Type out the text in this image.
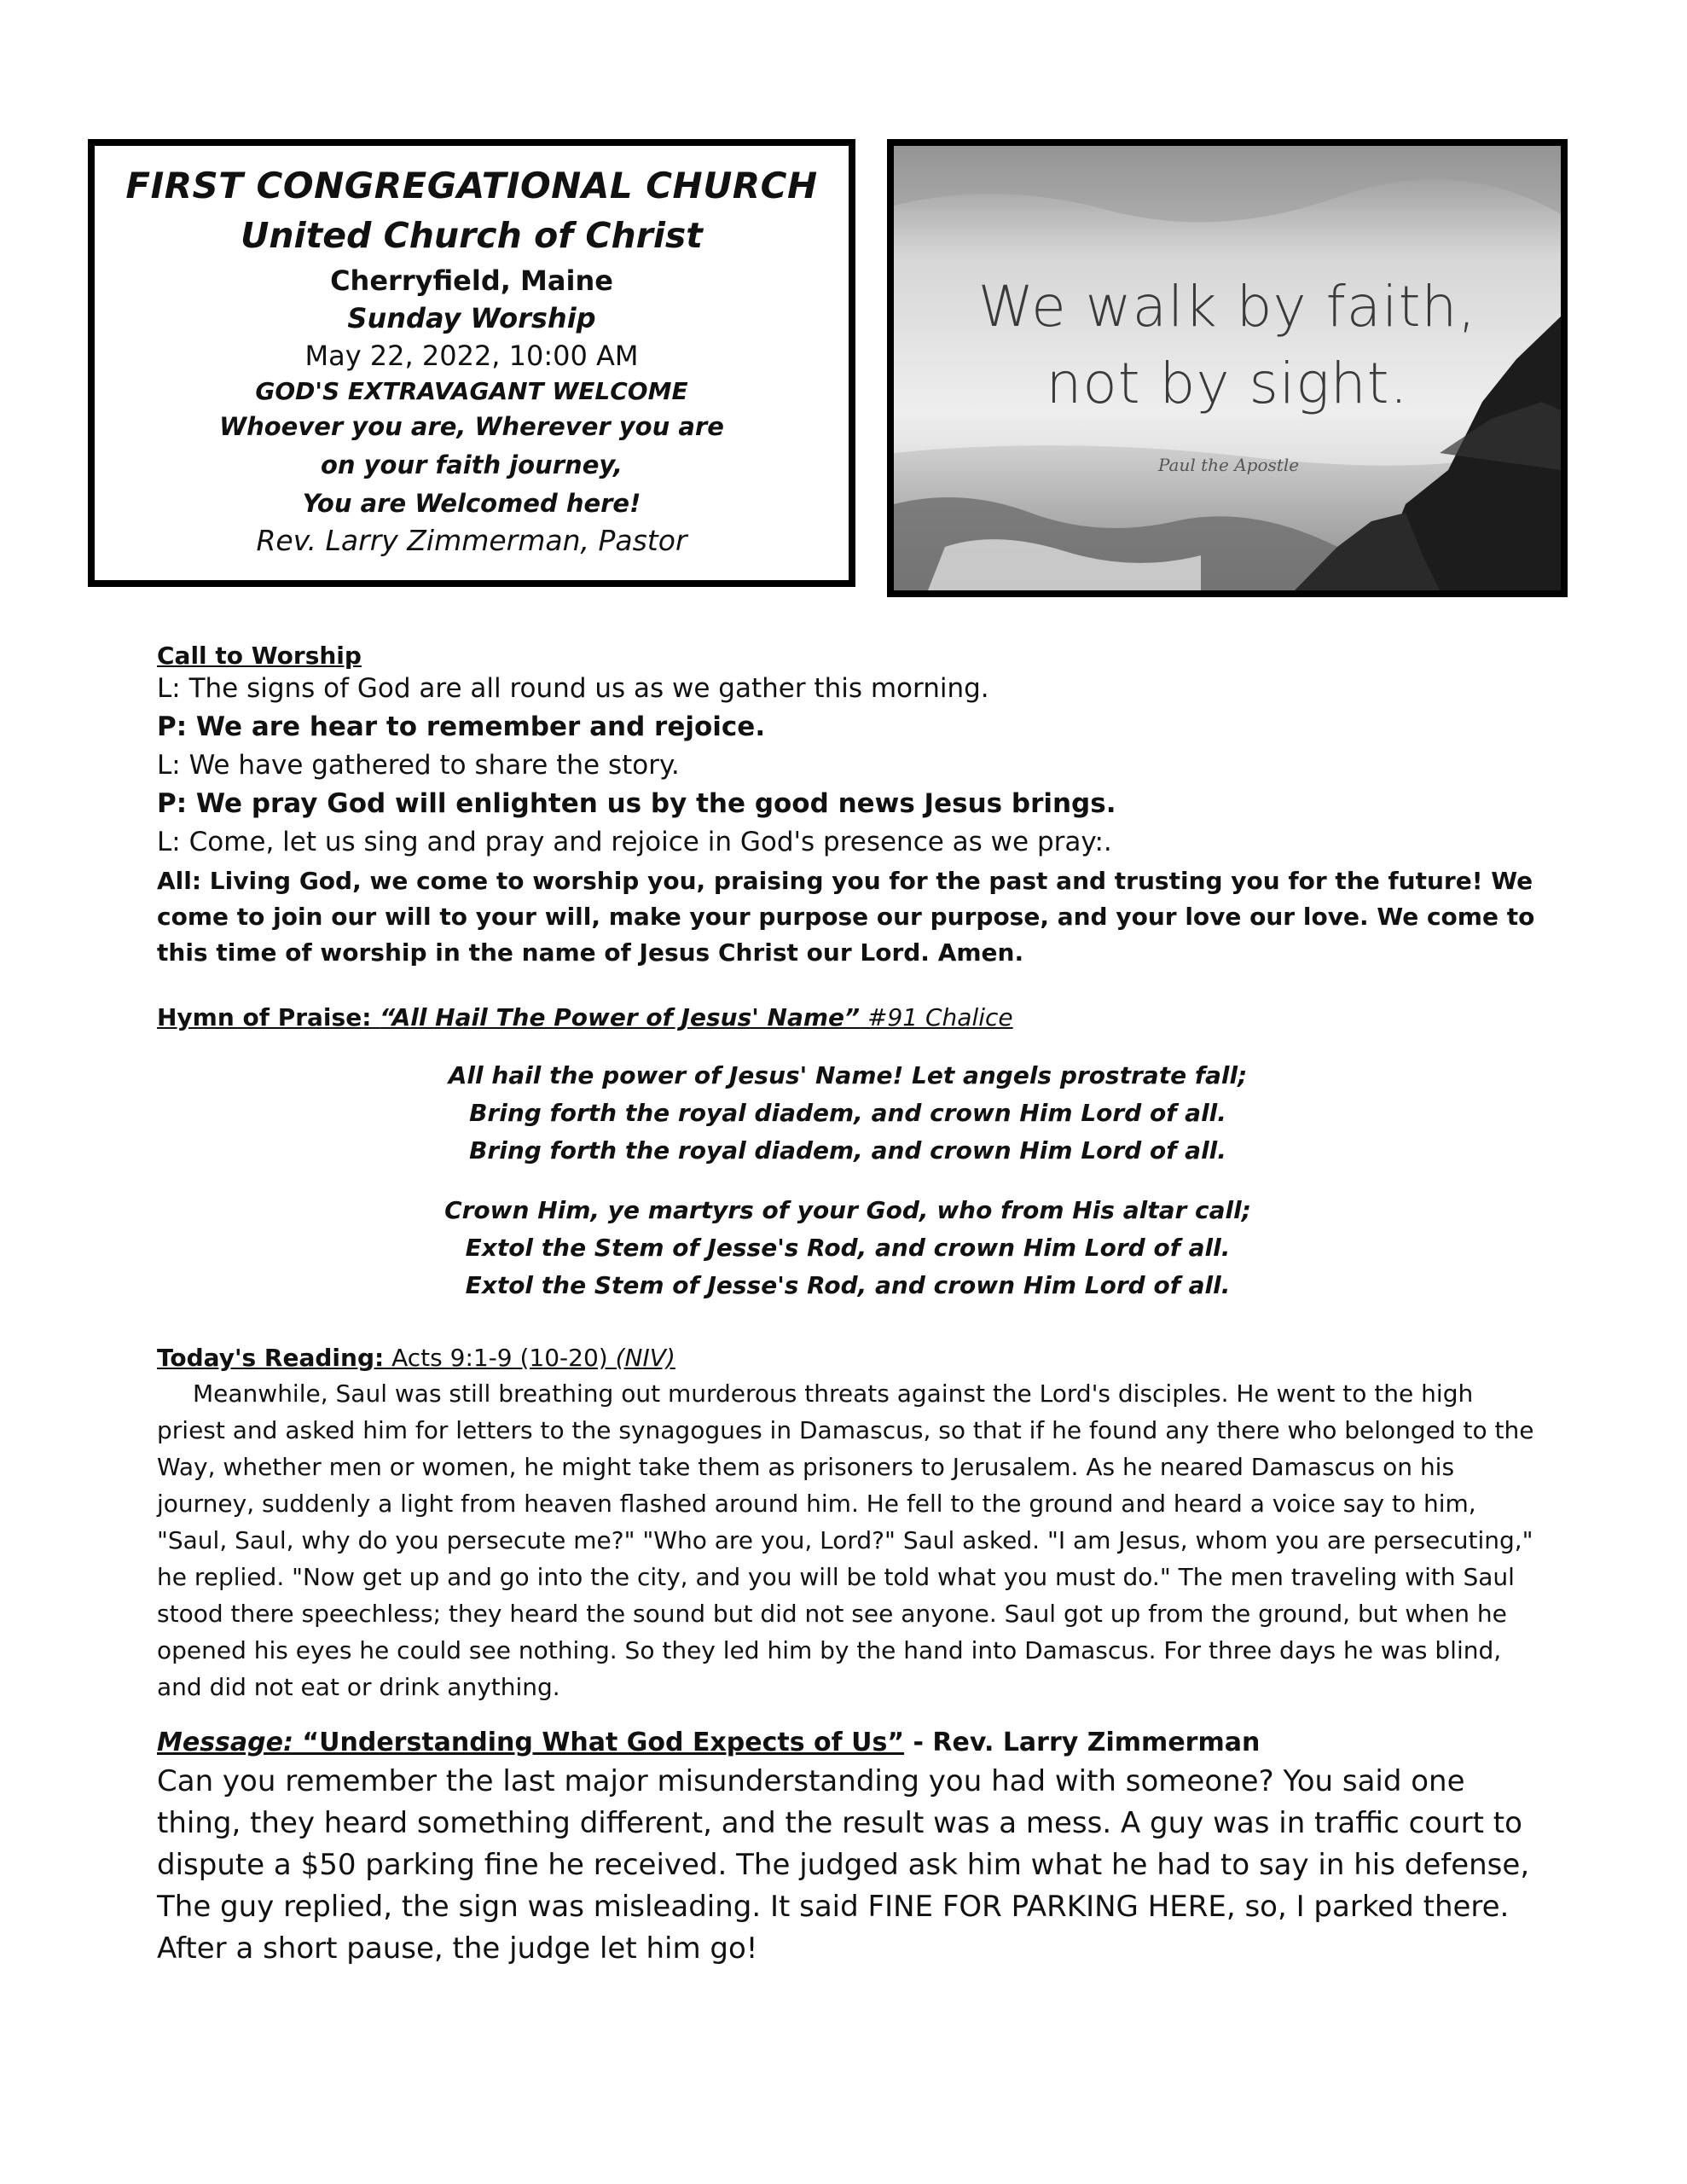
FIRST CONGREGATIONAL CHURCH
United Church of Christ
Cherryfield, Maine
Sunday Worship
May 22, 2022, 10:00 AM
GOD'S EXTRAVAGANT WELCOME
Whoever you are, Wherever you are
on your faith journey,
You are Welcomed here!
Rev. Larry Zimmerman, Pastor
We walk by faith,
not by sight.
Paul the Apostle
Call to Worship
L: The signs of God are all round us as we gather this morning.
P: We are hear to remember and rejoice.
L: We have gathered to share the story.
P: We pray God will enlighten us by the good news Jesus brings.
L: Come, let us sing and pray and rejoice in God's presence as we pray:.
All: Living God, we come to worship you, praising you for the past and trusting you for the future! We come to join our will to your will, make your purpose our purpose, and your love our love. We come to this time of worship in the name of Jesus Christ our Lord. Amen.
Hymn of Praise: “All Hail The Power of Jesus' Name” #91 Chalice
All hail the power of Jesus' Name! Let angels prostrate fall;
Bring forth the royal diadem, and crown Him Lord of all.
Bring forth the royal diadem, and crown Him Lord of all.
Crown Him, ye martyrs of your God, who from His altar call;
Extol the Stem of Jesse's Rod, and crown Him Lord of all.
Extol the Stem of Jesse's Rod, and crown Him Lord of all.
Today's Reading: Acts 9:1-9 (10-20) (NIV)
Meanwhile, Saul was still breathing out murderous threats against the Lord's disciples. He went to the high priest and asked him for letters to the synagogues in Damascus, so that if he found any there who belonged to the Way, whether men or women, he might take them as prisoners to Jerusalem. As he neared Damascus on his journey, suddenly a light from heaven flashed around him. He fell to the ground and heard a voice say to him, "Saul, Saul, why do you persecute me?" "Who are you, Lord?" Saul asked. "I am Jesus, whom you are persecuting," he replied. "Now get up and go into the city, and you will be told what you must do." The men traveling with Saul stood there speechless; they heard the sound but did not see anyone. Saul got up from the ground, but when he opened his eyes he could see nothing. So they led him by the hand into Damascus. For three days he was blind, and did not eat or drink anything.
Message: “Understanding What God Expects of Us” - Rev. Larry Zimmerman
Can you remember the last major misunderstanding you had with someone? You said one thing, they heard something different, and the result was a mess. A guy was in traffic court to dispute a $50 parking fine he received. The judged ask him what he had to say in his defense, The guy replied, the sign was misleading. It said FINE FOR PARKING HERE, so, I parked there. After a short pause, the judge let him go!
